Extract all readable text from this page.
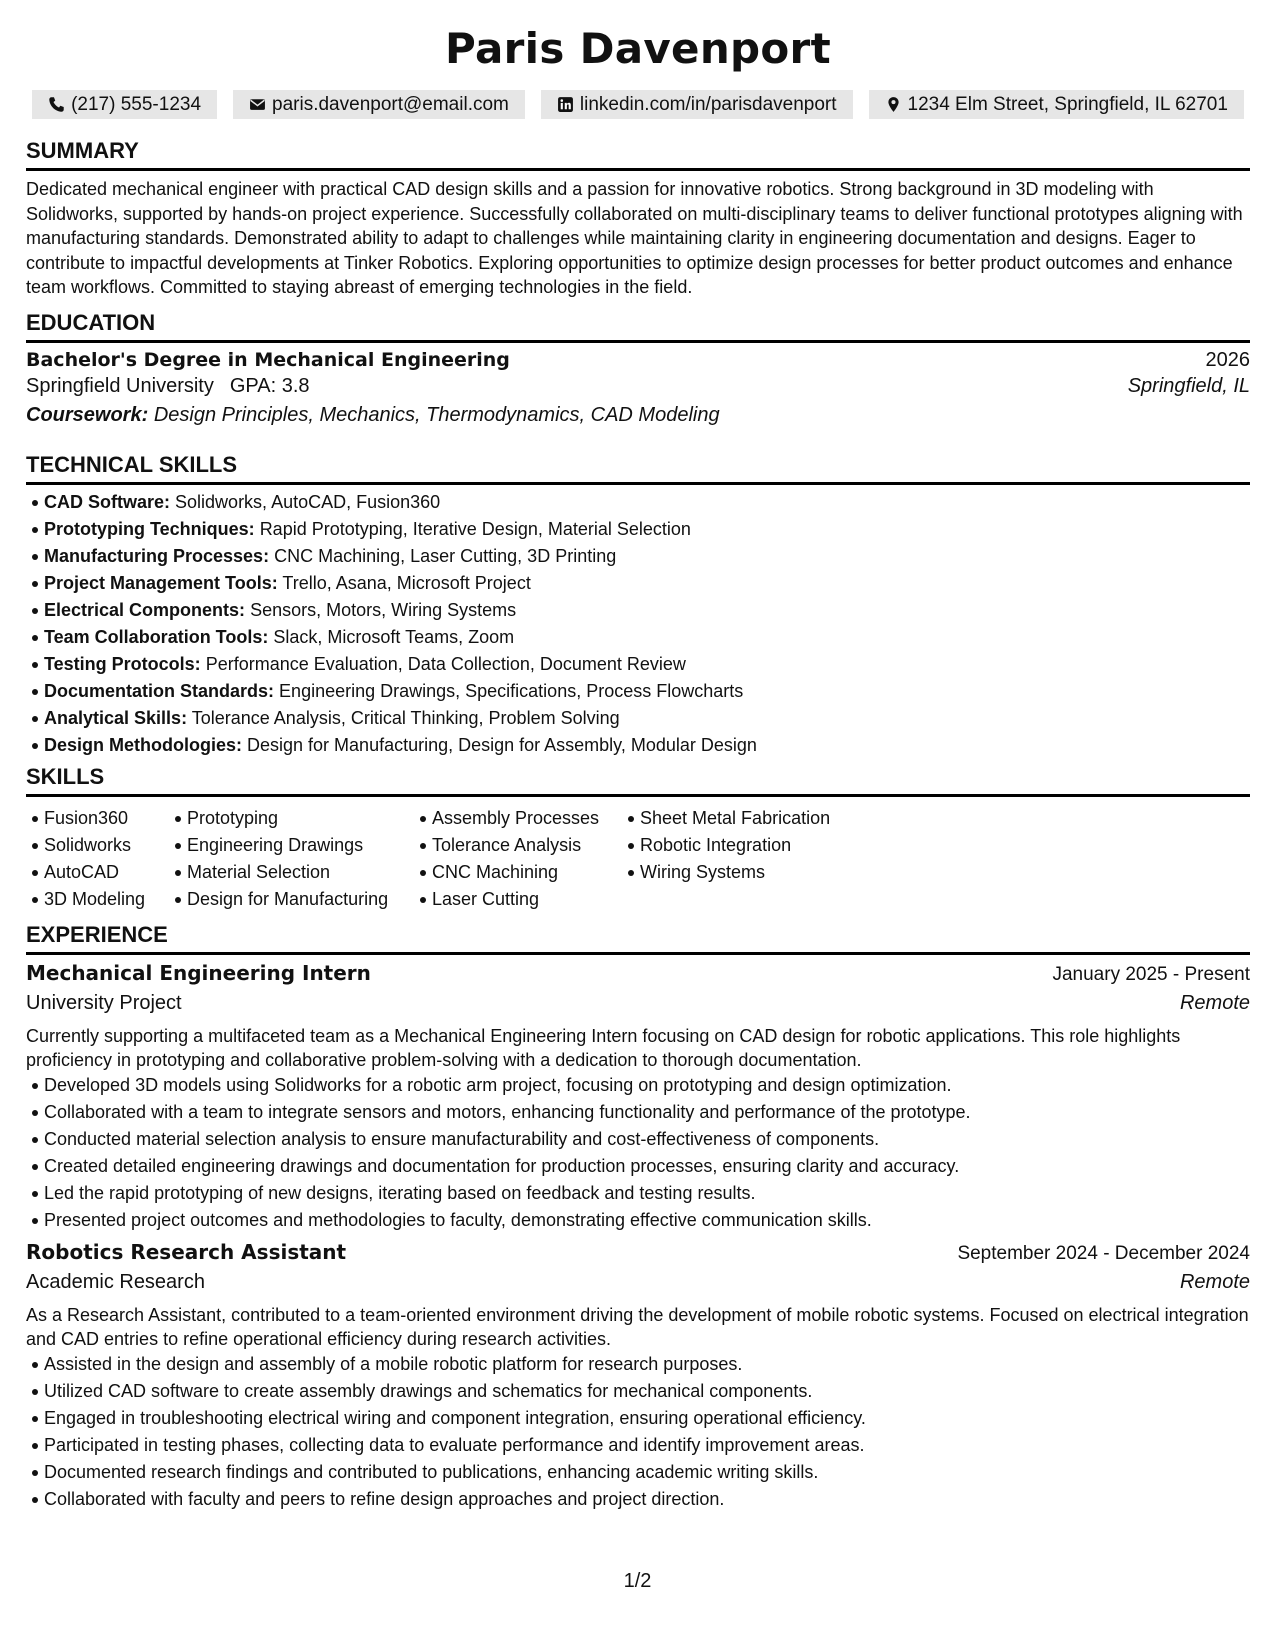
Paris Davenport
(217) 555-1234	paris.davenport@email.com	linkedin.com/in/parisdavenport	1234 Elm Street, Springfield, IL 62701
SUMMARY

Dedicated mechanical engineer with practical CAD design skills and a passion for innovative robotics. Strong background in 3D modeling with Solidworks, supported by hands-on project experience. Successfully collaborated on multi-disciplinary teams to deliver functional prototypes aligning with manufacturing standards. Demonstrated ability to adapt to challenges while maintaining clarity in engineering documentation and designs. Eager to contribute to impactful developments at Tinker Robotics. Exploring opportunities to optimize design processes for better product outcomes and enhance team workflows. Committed to staying abreast of emerging technologies in the field.

EDUCATION
Bachelor's Degree in Mechanical Engineering	2026
Springfield University GPA: 3.8	Springfield, IL
Coursework: Design Principles, Mechanics, Thermodynamics, CAD Modeling
TECHNICAL SKILLS
CAD Software: Solidworks, AutoCAD, Fusion360
Prototyping Techniques: Rapid Prototyping, Iterative Design, Material Selection
Manufacturing Processes: CNC Machining, Laser Cutting, 3D Printing
Project Management Tools: Trello, Asana, Microsoft Project
Electrical Components: Sensors, Motors, Wiring Systems
Team Collaboration Tools: Slack, Microsoft Teams, Zoom
Testing Protocols: Performance Evaluation, Data Collection, Document Review
Documentation Standards: Engineering Drawings, Specifications, Process Flowcharts
Analytical Skills: Tolerance Analysis, Critical Thinking, Problem Solving
Design Methodologies: Design for Manufacturing, Design for Assembly, Modular Design
SKILLS
Fusion360
Solidworks
AutoCAD
3D Modeling
Prototyping
Engineering Drawings
Material Selection
Design for Manufacturing
Assembly Processes
Tolerance Analysis
CNC Machining
Laser Cutting
Sheet Metal Fabrication
Robotic Integration
Wiring Systems
EXPERIENCE
Mechanical Engineering Intern	January 2025 - Present
University Project	Remote

Currently supporting a multifaceted team as a Mechanical Engineering Intern focusing on CAD design for robotic applications. This role highlights proficiency in prototyping and collaborative problem-solving with a dedication to thorough documentation.

Developed 3D models using Solidworks for a robotic arm project, focusing on prototyping and design optimization.
Collaborated with a team to integrate sensors and motors, enhancing functionality and performance of the prototype.
Conducted material selection analysis to ensure manufacturability and cost-effectiveness of components.
Created detailed engineering drawings and documentation for production processes, ensuring clarity and accuracy.
Led the rapid prototyping of new designs, iterating based on feedback and testing results.
Presented project outcomes and methodologies to faculty, demonstrating effective communication skills.
Robotics Research Assistant	September 2024 - December 2024
Academic Research	Remote

As a Research Assistant, contributed to a team-oriented environment driving the development of mobile robotic systems. Focused on electrical integration and CAD entries to refine operational efficiency during research activities.

Assisted in the design and assembly of a mobile robotic platform for research purposes.
Utilized CAD software to create assembly drawings and schematics for mechanical components.
Engaged in troubleshooting electrical wiring and component integration, ensuring operational efficiency.
Participated in testing phases, collecting data to evaluate performance and identify improvement areas.
Documented research findings and contributed to publications, enhancing academic writing skills.
Collaborated with faculty and peers to refine design approaches and project direction.
1/2
